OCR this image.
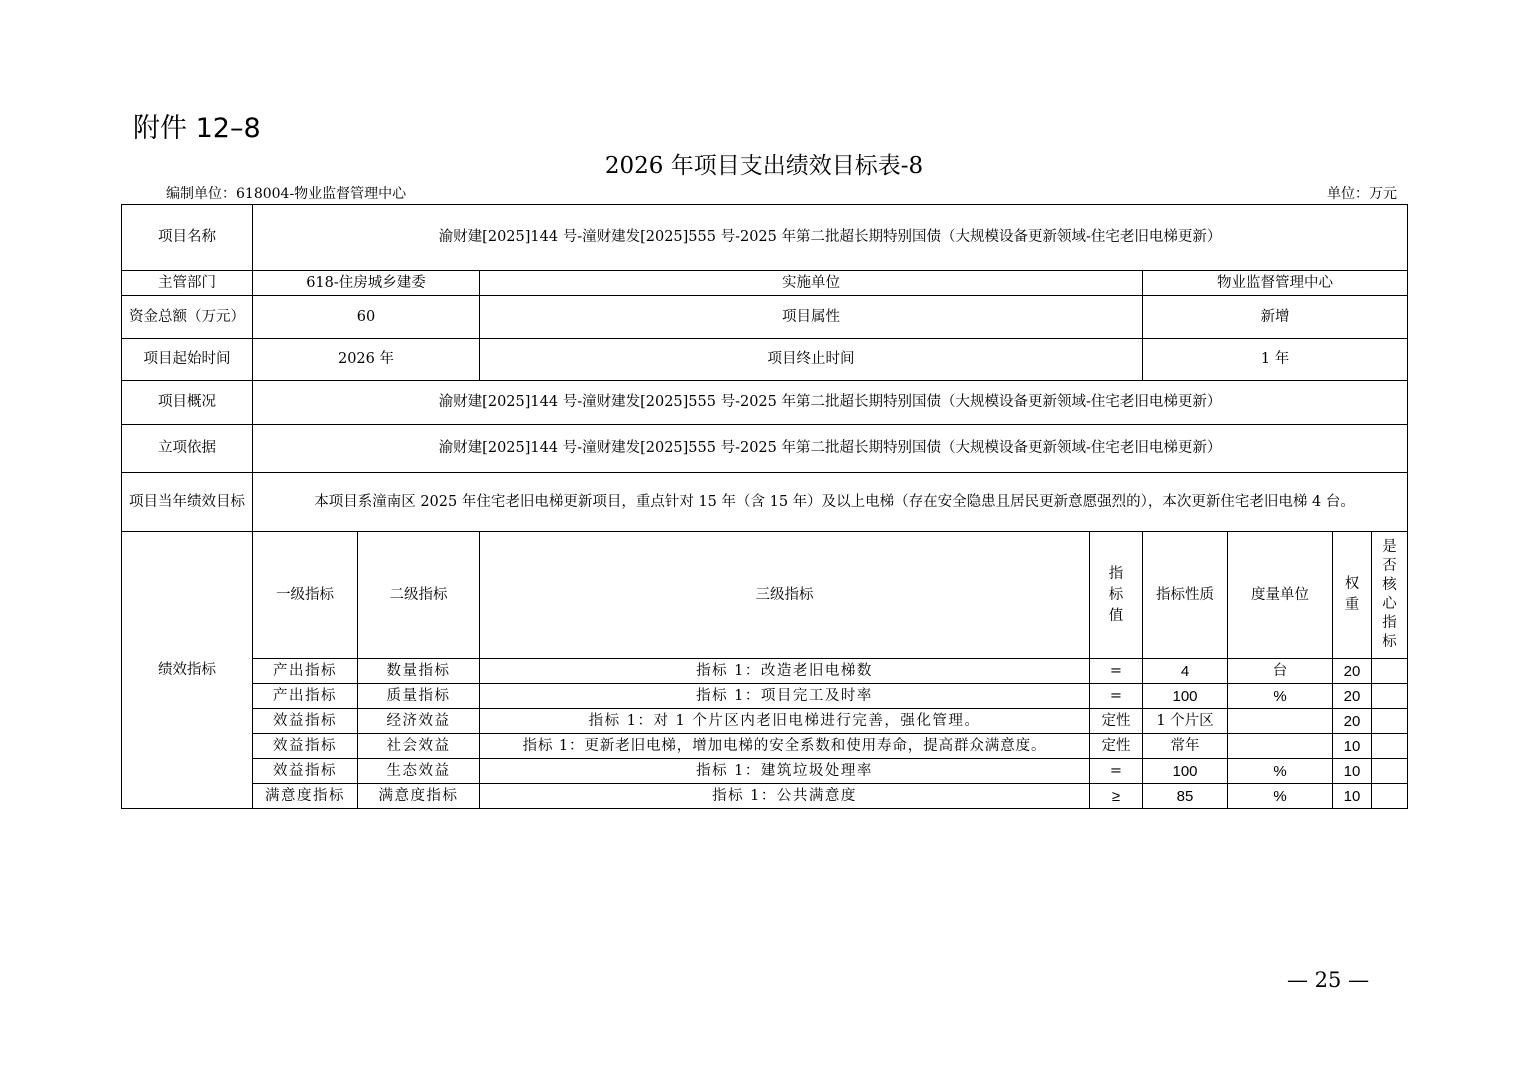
附件 12–8
2026 年项目支出绩效目标表-8
编制单位：618004-物业监督管理中心	单位：万元
项目名称	渝财建[2025]144 号-潼财建发[2025]555 号-2025 年第二批超长期特别国债（大规模设备更新领域-住宅老旧电梯更新）							
主管部门	618-住房城乡建委		实施单位		物业监督管理中心			
资金总额（万元）	60		项目属性		新增			
项目起始时间	2026 年		项目终止时间		1 年			
项目概况	渝财建[2025]144 号-潼财建发[2025]555 号-2025 年第二批超长期特别国债（大规模设备更新领域-住宅老旧电梯更新）							
立项依据	渝财建[2025]144 号-潼财建发[2025]555 号-2025 年第二批超长期特别国债（大规模设备更新领域-住宅老旧电梯更新）							
项目当年绩效目标	本项目系潼南区 2025 年住宅老旧电梯更新项目，重点针对 15 年（含 15 年）及以上电梯（存在安全隐患且居民更新意愿强烈的），本次更新住宅老旧电梯 4 台。							
绩效指标	一级指标	二级指标	三级指标	指标值	指标性质	度量单位	权重	是否核心指标
	产出指标	数量指标	指标 1：改造老旧电梯数	=	4	台	20	
	产出指标	质量指标	指标 1：项目完工及时率	=	100	%	20	
	效益指标	经济效益	指标 1：对 1 个片区内老旧电梯进行完善，强化管理。	定性	1 个片区		20	
	效益指标	社会效益	指标 1：更新老旧电梯，增加电梯的安全系数和使用寿命，提高群众满意度。	定性	常年		10	
	效益指标	生态效益	指标 1：建筑垃圾处理率	=	100	%	10	
	满意度指标	满意度指标	指标 1：公共满意度	≥	85	%	10	
— 25 —
